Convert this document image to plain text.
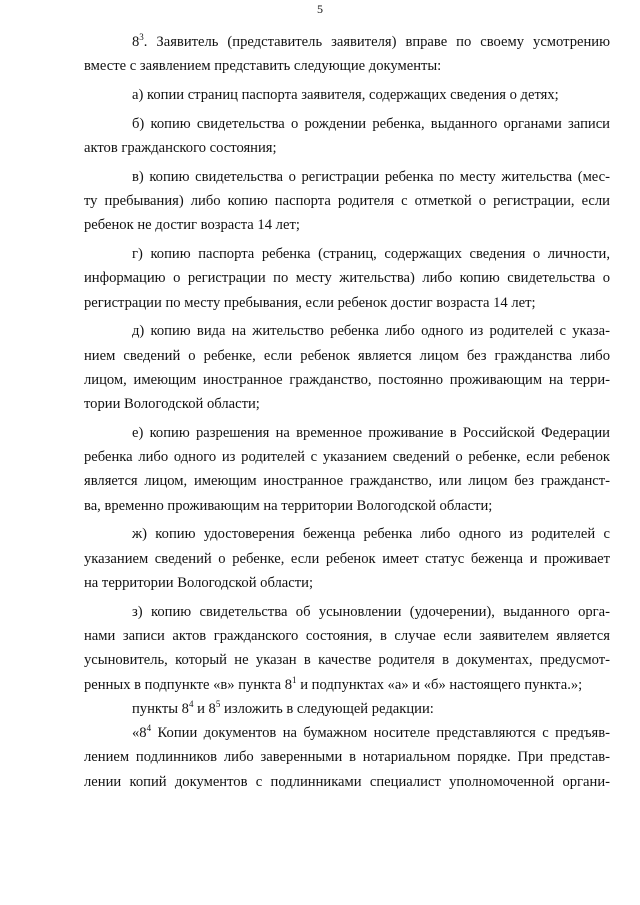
5
$8^3$. Заявитель (представитель заявителя) вправе по своему усмотрению
вместе с заявлением представить следующие документы:
а) копии страниц паспорта заявителя, содержащих сведения о детях;
б) копию свидетельства о рождении ребенка, выданного органами записи
актов гражданского состояния;
в) копию свидетельства о регистрации ребенка по месту жительства (мес-
ту пребывания) либо копию паспорта родителя с отметкой о регистрации, если
ребенок не достиг возраста 14 лет;
г) копию паспорта ребенка (страниц, содержащих сведения о личности,
информацию о регистрации по месту жительства) либо копию свидетельства о
регистрации по месту пребывания, если ребенок достиг возраста 14 лет;
д) копию вида на жительство ребенка либо одного из родителей с указа-
нием сведений о ребенке, если ребенок является лицом без гражданства либо
лицом, имеющим иностранное гражданство, постоянно проживающим на терри-
тории Вологодской области;
е) копию разрешения на временное проживание в Российской Федерации
ребенка либо одного из родителей с указанием сведений о ребенке, если ребенок
является лицом, имеющим иностранное гражданство, или лицом без гражданст-
ва, временно проживающим на территории Вологодской области;
ж) копию удостоверения беженца ребенка либо одного из родителей с
указанием сведений о ребенке, если ребенок имеет статус беженца и проживает
на территории Вологодской области;
з) копию свидетельства об усыновлении (удочерении), выданного орга-
нами записи актов гражданского состояния, в случае если заявителем является
усыновитель, который не указан в качестве родителя в документах, предусмот-
ренных в подпункте «в» пункта $8^1$ и подпунктах «а» и «б» настоящего пункта.»;
пункты $8^4$ и $8^5$ изложить в следующей редакции:
«$8^4$ Копии документов на бумажном носителе представляются с предъяв-
лением подлинников либо заверенными в нотариальном порядке. При представ-
лении копий документов с подлинниками специалист уполномоченной органи-
